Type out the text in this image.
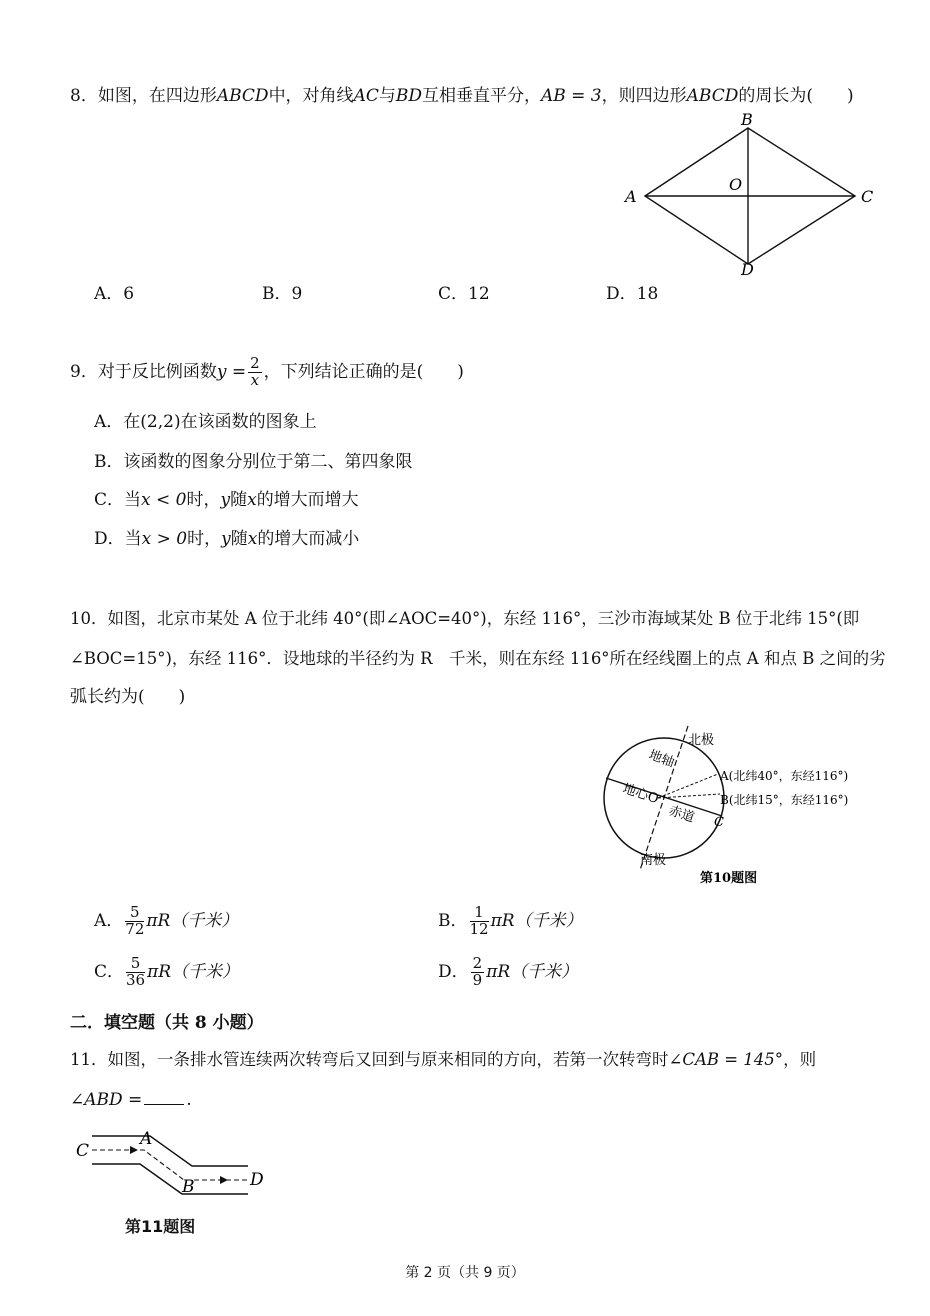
8．如图，在四边形ABCD中，对角线AC与BD互相垂直平分，AB = 3，则四边形ABCD的周长为(　　)
B
A	C
D
O
A．6	B．9	C．12	D．18
9．对于反比例函数$y = \frac{2}{x}$ ，下列结论正确的是(　　)
A．在(2,2)在该函数的图象上
B．该函数的图象分别位于第二、第四象限
C．当x < 0时，y随x的增大而增大
D．当x > 0时，y随x的增大而减小
10．如图，北京市某处 A 位于北纬 40°(即∠AOC=40°)，东经 116°，三沙市海域某处 B 位于北纬 15°(即
∠BOC=15°)，东经 116°．设地球的半径约为 R　千米，则在东经 116°所在经线圈上的点 A 和点 B 之间的劣
弧长约为(　　)
北极
地轴
地心O
赤道
南极
A(北纬40°，东经116°)
B(北纬15°，东经116°)
C
第10题图
A． $\frac{5}{72} \pi R$（千米）	B． $\frac{1}{12} \pi R$（千米）
C． $\frac{5}{36} \pi R$（千米）	D． $\frac{2}{9} \pi R$（千米）
二．填空题（共 8 小题）
11．如图，一条排水管连续两次转弯后又回到与原来相同的方向，若第一次转弯时∠CAB = 145°，则
∠ABD =	.
C
A
B	D
第11题图
第 2 页（共 9 页）
